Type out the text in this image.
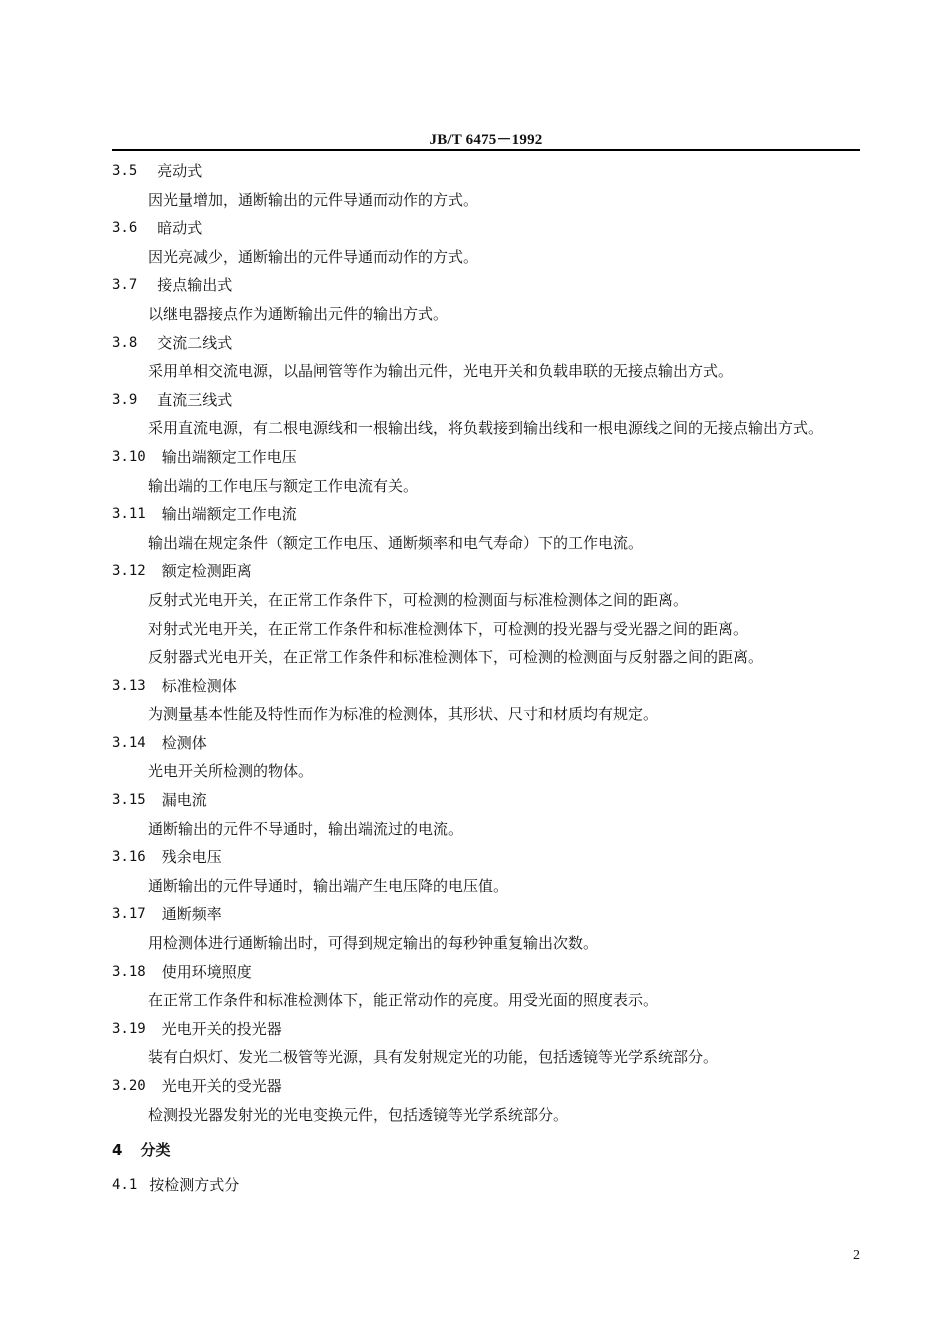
JB/T 6475－1992
3.5 亮动式
因光量增加，通断输出的元件导通而动作的方式。
3.6 暗动式
因光亮减少，通断输出的元件导通而动作的方式。
3.7 接点输出式
以继电器接点作为通断输出元件的输出方式。
3.8 交流二线式
采用单相交流电源，以晶闸管等作为输出元件，光电开关和负载串联的无接点输出方式。
3.9 直流三线式
采用直流电源，有二根电源线和一根输出线，将负载接到输出线和一根电源线之间的无接点输出方式。
3.10 输出端额定工作电压
输出端的工作电压与额定工作电流有关。
3.11 输出端额定工作电流
输出端在规定条件（额定工作电压、通断频率和电气寿命）下的工作电流。
3.12 额定检测距离
反射式光电开关，在正常工作条件下，可检测的检测面与标准检测体之间的距离。
对射式光电开关，在正常工作条件和标准检测体下，可检测的投光器与受光器之间的距离。
反射器式光电开关，在正常工作条件和标准检测体下，可检测的检测面与反射器之间的距离。
3.13 标准检测体
为测量基本性能及特性而作为标准的检测体，其形状、尺寸和材质均有规定。
3.14 检测体
光电开关所检测的物体。
3.15 漏电流
通断输出的元件不导通时，输出端流过的电流。
3.16 残余电压
通断输出的元件导通时，输出端产生电压降的电压值。
3.17 通断频率
用检测体进行通断输出时，可得到规定输出的每秒钟重复输出次数。
3.18 使用环境照度
在正常工作条件和标准检测体下，能正常动作的亮度。用受光面的照度表示。
3.19 光电开关的投光器
装有白炽灯、发光二极管等光源，具有发射规定光的功能，包括透镜等光学系统部分。
3.20 光电开关的受光器
检测投光器发射光的光电变换元件，包括透镜等光学系统部分。
4 分类
4.1 按检测方式分
2
